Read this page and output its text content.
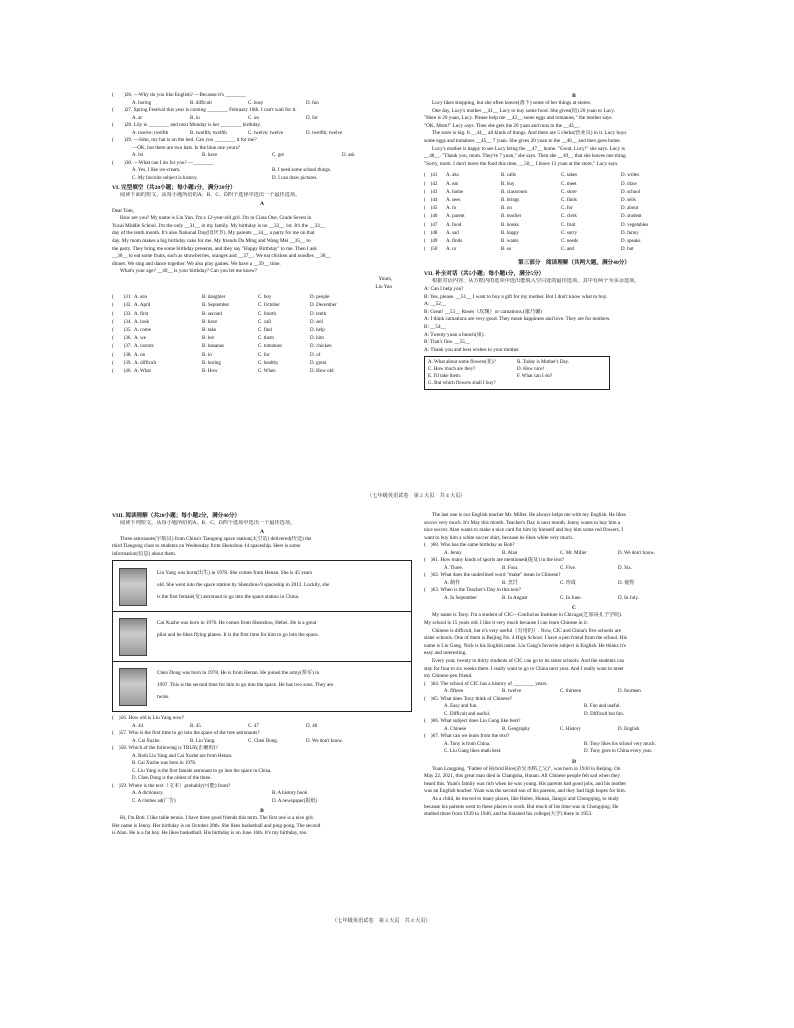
(　　)26. —Why do you like English? —Because it's ________
A. boring	B. difficult	C. busy	D. fun
(　　)27. Spring Festival this year is coming ________ February 10th. I can't wait for it.
A. at	B. in	C. on	D. for
(　　)28. Lily is ________ and next Monday is her ________ birthday.
A. twelve; twelfth	B. twelfth; twelfth	C. twelve; twelve	D. twelfth; twelve
(　　)29. —John, my hat is on the bed. Can you ________ it for me?
—OK, but there are two hats. Is the blue one yours?
A. let	B. have	C. get	D. ask
(　　)30. —What can I do for you? —________
A. Yes, I like ice-cream.	B. I need some school things.
C. My favorite subject is history.	D. I can draw pictures.
VI. 完型填空（共20小题；每小题1分，满分20分）
阅读下面的短文，从每小题所给的A、B、C、D四个选择中选出一个最佳选项。
A
Dear Tom,
How are you? My name is Liu Yun. I'm a 12-year-old girl. I'm in Class One, Grade Seven in
Yucai Middle School. I'm the only __31__ in my family. My birthday is on __32__ 1st. It's the __33__
day of the tenth month. It's also National Day(国庆节). My parents __34__ a party for me on that
day. My mom makes a big birthday cake for me. My friends Da Ming and Wang Mei __35__ to
the party. They bring me some birthday presents, and they say "Happy Birthday" to me. Then I ask
__36__ to eat some fruits, such as strawberries, oranges and __37__. We eat chicken and noodles __38__
dinner. We sing and dance together. We also play games. We have a __39__ time.
What's your age? __40__ is your birthday? Can you let me know?
Yours,
Liu Yun
(　　)31. A. son	B. daughter	C. boy	D. people
(　　)32. A. April	B. September	C. October	D. December
(　　)33. A. first	B. second	C. fourth	D. tenth
(　　)34. A. look	B. have	C. call	D. sell
(　　)35. A. come	B. take	C. find	D. help
(　　)36. A. we	B. her	C. them	D. him
(　　)37. A. carrots	B. bananas	C. tomatoes	D. chicken
(　　)38. A. on	B. in	C. for	D. of
(　　)39. A. difficult	B. boring	C. healthy	D. great
(　　)40. A. What	B. How	C. When	D. How old
B
Lucy likes shopping, but she often leaves(落下) some of her things at stores.
One day, Lucy's mother __41__ Lucy to buy some food. She gives(给) 20 yuan to Lucy.
"Here is 20 yuan, Lucy. Please help me __42__ some eggs and tomatoes," the mother says.
"OK, Mom!" Lucy says. Then she gets the 20 yuan and runs to the __43__.
The store is big. It __44__ all kinds of things. And there are 5 clerks(营业员) in it. Lucy buys
some eggs and tomatoes __45__ 7 yuan. She gives 20 yuan to the __46__ and then goes home.
Lucy's mother is happy to see Lucy bring the __47__ home. "Great, Lucy!" she says. Lucy is
__48__. "Thank you, mom. They're 7 yuan," she says. Then she __49__ that she leaves one thing.
"Sorry, mom. I don't leave the food this time, __50__ I leave 13 yuan at the store," Lucy says.
(　)41	A. aks	B. calls	C. takes	D. writes
(　)42	A. eat	B. buy	C. meet	D. draw
(　)43	A. home	B. classroom	C. store	D. school
(　)44	A. sees	B. brings	C. finds	D. sells
(　)45	A. in	B. on	C. for	D. about
(　)46	A. parent	B. teacher	C. clerk	D. student
(　)47	A. food	B. books	C. fruit	D. vegetables
(　)48	A. sad	B. happy	C. sorry	D. funny
(　)49	A. finds	B. wants	C. needs	D. speaks
(　)50	A. or	B. so	C. and	D. but
第三部分　阅读理解（共两大题，满分40分）
VII. 补全对话（共5小题；每小题1分，满分5分）
根据对话内容，从方框内的选项中选出能填入空白处的最佳选项，其中有两个为多余选项。
A: Can I help you?
B: Yes, please. __51__ I want to buy a gift for my mother. But I don't know what to buy.
A: __52__
B: Great! __53__ Roses（玫瑰）or carnations.(康乃馨)
A: I think carnations are very good. They mean happiness and love. They are for mothers.
B: __54__
A: Twenty yuan a bunch(束).
B: That's fine. __55__
A: Thank you and best wishes to your mother.
A. What about some flowers(花)?	B. Today is Mother's Day.
C. How much are they?	D. How nice!
E. I'll take them.	F. What can I do?
G. But which flowers shall I buy?
（七年级英语试卷　第 2 大页　共 4 大页）
VIII. 阅读理解（共20小题；每小题2分，满分40分）
阅读下列短文，从每小题所给的A、B、C、D四个选项中选出一个最佳选项。
A
Three astronauts(宇航员) from China's Tiangong space station(太空站) delivered(传送) the
third Tiangong class to students on Wednesday from Shenzhou-14 spaceship. Here is some
information(信息) about them.
Liu Yang was born(出生) in 1978. She comes from Henan. She is 45 years
old. She went into the space station by Shenzhou-9 spaceship in 2012. Luckily, she
is the first female(女) astronaut to go into the space station in China.
Cai Xuzhe was born in 1976. He comes from Shenzhou, Hebei. He is a great
pilot and he likes flying planes. It is the first time for him to go into the space.
Chen Dong was born in 1978. He is from Henan. He joined the army(参军) in
1997. This is the second time for him to go into the space. He has two sons. They are
twins.
(　)56. How old is Liu Yang now?
A. 44	B. 45	C. 47	D. 48
(　)57. Who is the first time to go into the space of the tree astronauts?
A. Cai Xuzhe.	B. Liu Yang.	C. Chen Dong.	D. We don't know.
(　)58. Which of the following is TRUE(正确的)?
A. Both Liu Yang and Cai Xuzhe are from Henan.
B. Cai Xuzhe was born in 1978.
C. Liu Yang is the first famale astronaut to go into the space in China.
D. Chen Dong is the oldest of the three.
(　)59. Where is the text（文本）probably(可能) from?
A. A dictionary.	B. A history book
C. A clothes ad(广告)	D. A newspaper(报纸)
B
Hi, I'm Bob. I like table tennis. I have three good friends this term. The first one is a nice girl.
Her name is Jenny. Her birthday is on October 28th. She likes basketball and ping-pong. The second
is Alan. He is a fat boy. He likes basketball. His birthday is on June 16th. It's my birthday, too.
The last one is our English teacher Mr. Miller. He always helps me with my English. He likes
soccer very much. It's May this month. Teacher's Day is next month. Jenny wants to buy him a
nice soccer. Alan wants to make a nice card for him by himself and buy him some red flowers. I
want to buy him a white soccer shirt, because he likes white very much.
(　)60. Who has the same birthday as Bob?
A. Jenny	B. Alan	C. Mr. Miller	D. We don't know.
(　)61. How many kinds of sports are mentioned(提及) in the text?
A. Three.	B. Four.	C. Five.	D. Six.
(　)62. What does the underlined word "make" mean in Chinese?
A. 制作	B. 烹饪	C. 形成	D. 使得
(　)63. When is the Teacher's Day in this text?
A. In September	B. In August	C. In June.	D. In July.
C
My name is Tony. I'm a student of CIC—Confucius Institute in Chicago(芝加哥孔子学院).
My school is 15 years old. I like it very much because I can learn Chinese in it.
Chinese is difficult, but it's very useful（有用的）. Now, CIC and China's five schools are
sister schools. One of them is Beijing No. 4 High School. I have a pen friend from the school. His
name is Liu Gang. Nick is his English name. Liu Gang's favorite subject is English. He thinks it's
easy and interesting.
Every year, twenty to thirty students of CIC can go to its sister schools. And the students can
stay for four to six weeks there. I really want to go to China next year. And I really want to meet
my Chinese pen friend.
(　)64. The school of CIC has a history of ________ years.
A. fifteen	B. twelve	C. thirteen	D. fourteen
(　)65. What does Tony think of Chinese?
A. Easy and fun.	B. Fun and useful.
C. Difficult and useful.	D. Difficult but fun.
(　)66. What subject does Liu Gang like best?
A. Chinese	B. Geography	C. History	D. English
(　)67. What can we learn from the text?
A. Tony is from China.	B. Tony likes his school very much.
C. Liu Gang likes math best.	D. Tony goes to China every year.
D
Yuan Longping, "Father of Hybrid Rice(杂交水稻之父)", was born in 1930 in Beijing. On
May 22, 2021, this great man died in Changsha, Hunan. All Chinese people felt sad when they
heard this. Yuan's family was rich when he was young. His parents had good jobs, and his mother
was an English teacher. Yuan was the second son of his parents, and they had high hopes for him.
As a child, he moved to many places, like Hubei, Hunan, Jiangxi and Chongqing, to study
because his parents went to these places to work. But much of his time was in Chongqing. He
studied there from 1939 to 1946, and he finished his college(大学) there in 1953.
（七年级英语试卷　第 3 大页　共 4 大页）
